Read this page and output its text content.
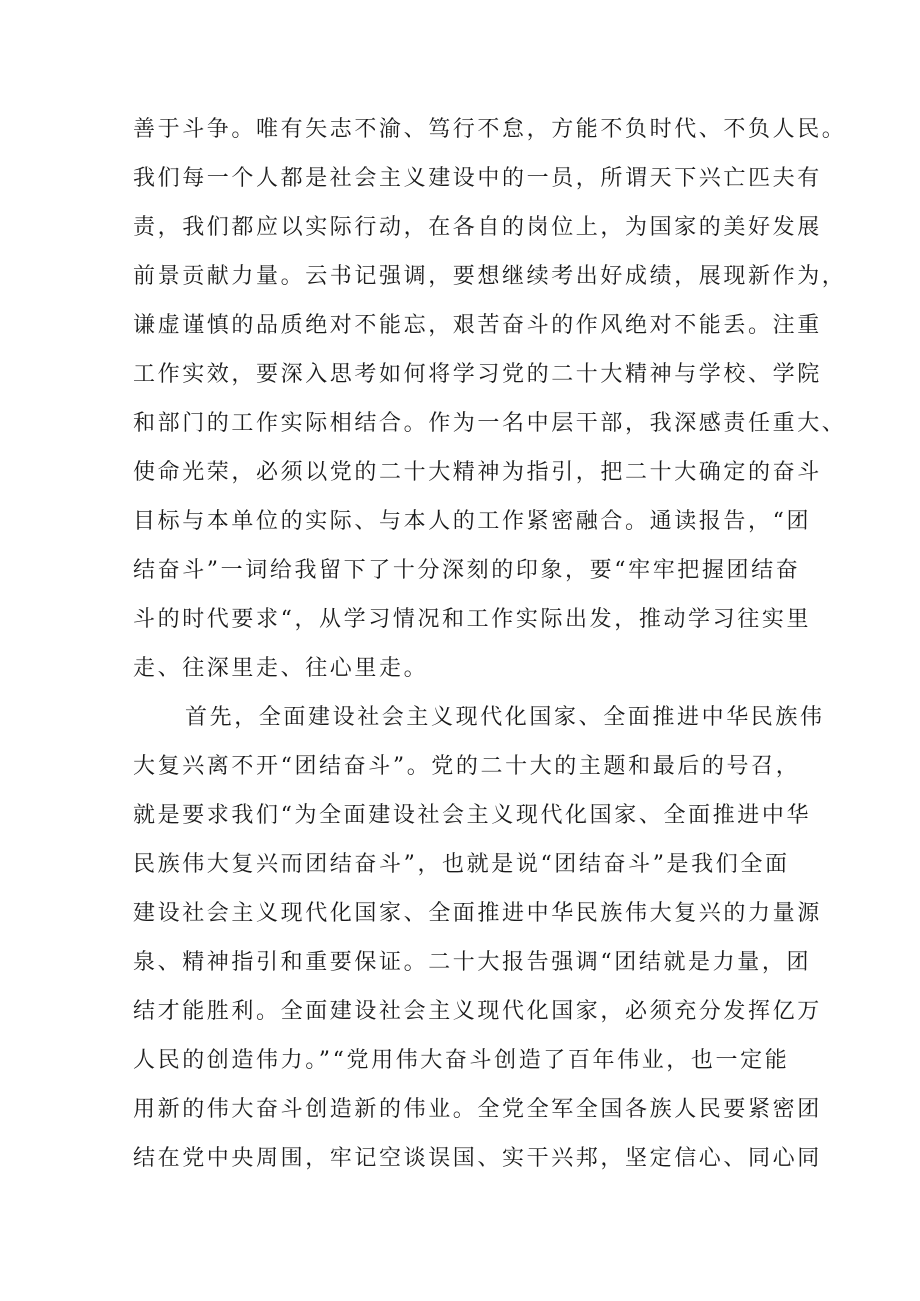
善于斗争。唯有矢志不渝、笃行不怠，方能不负时代、不负人民。
我们每一个人都是社会主义建设中的一员，所谓天下兴亡匹夫有
责，我们都应以实际行动，在各自的岗位上，为国家的美好发展
前景贡献力量。云书记强调，要想继续考出好成绩，展现新作为，
谦虚谨慎的品质绝对不能忘，艰苦奋斗的作风绝对不能丢。注重
工作实效，要深入思考如何将学习党的二十大精神与学校、学院
和部门的工作实际相结合。作为一名中层干部，我深感责任重大、
使命光荣，必须以党的二十大精神为指引，把二十大确定的奋斗
目标与本单位的实际、与本人的工作紧密融合。通读报告，“团
结奋斗”一词给我留下了十分深刻的印象，要“牢牢把握团结奋
斗的时代要求“，从学习情况和工作实际出发，推动学习往实里
走、往深里走、往心里走。
首先，全面建设社会主义现代化国家、全面推进中华民族伟
大复兴离不开“团结奋斗”。党的二十大的主题和最后的号召，
就是要求我们“为全面建设社会主义现代化国家、全面推进中华
民族伟大复兴而团结奋斗”，也就是说“团结奋斗”是我们全面
建设社会主义现代化国家、全面推进中华民族伟大复兴的力量源
泉、精神指引和重要保证。二十大报告强调“团结就是力量，团
结才能胜利。全面建设社会主义现代化国家，必须充分发挥亿万
人民的创造伟力。”“党用伟大奋斗创造了百年伟业，也一定能
用新的伟大奋斗创造新的伟业。全党全军全国各族人民要紧密团
结在党中央周围，牢记空谈误国、实干兴邦，坚定信心、同心同
